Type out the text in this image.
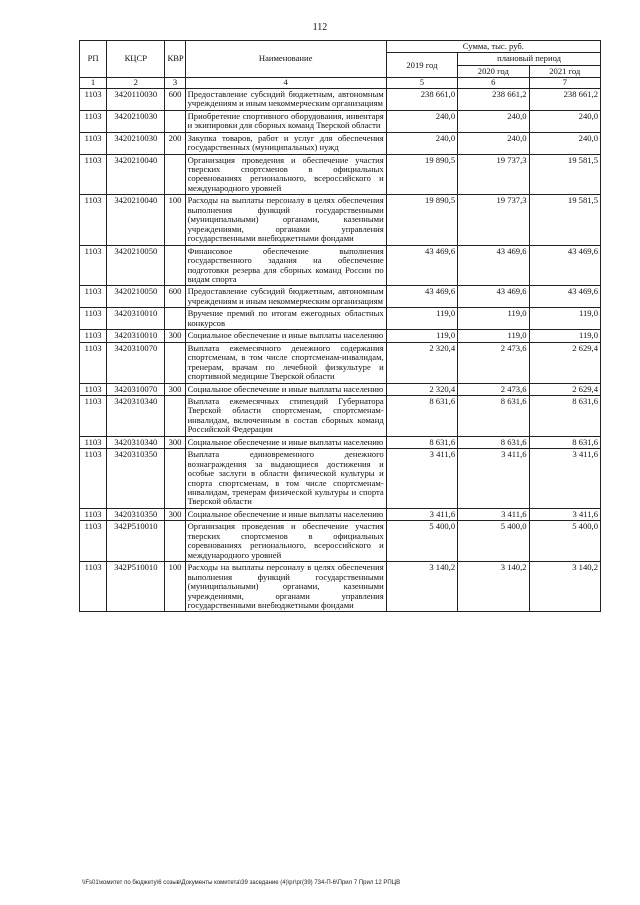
112
РП	КЦСР	КВР	Наименование	Сумма, тыс. руб.		
				2019 год	плановый период	
					2020 год	2021 год
1	2	3	4	5	6	7
1103	3420110030	600	Предоставление субсидий бюджетным, автономным учреждениям и иным некоммерческим организациям	238 661,0	238 661,2	238 661,2
1103	3420210030		Приобретение спортивного оборудования, инвентаря и экипировки для сборных команд Тверской области	240,0	240,0	240,0
1103	3420210030	200	Закупка товаров, работ и услуг для обеспечения государственных (муниципальных) нужд	240,0	240,0	240,0
1103	3420210040		Организация проведения и обеспечение участия тверских спортсменов в официальных соревнованиях регионального, всероссийского и международного уровней	19 890,5	19 737,3	19 581,5
1103	3420210040	100	Расходы на выплаты персоналу в целях обеспечения выполнения функций государственными (муниципальными) органами, казенными учреждениями, органами управления государственными внебюджетными фондами	19 890,5	19 737,3	19 581,5
1103	3420210050		Финансовое обеспечение выполнения государственного задания на обеспечение подготовки резерва для сборных команд России по видам спорта	43 469,6	43 469,6	43 469,6
1103	3420210050	600	Предоставление субсидий бюджетным, автономным учреждениям и иным некоммерческим организациям	43 469,6	43 469,6	43 469,6
1103	3420310010		Вручение премий по итогам ежегодных областных конкурсов	119,0	119,0	119,0
1103	3420310010	300	Социальное обеспечение и иные выплаты населению	119,0	119,0	119,0
1103	3420310070		Выплата ежемесячного денежного содержания спортсменам, в том числе спортсменам-инвалидам, тренерам, врачам по лечебной физкультуре и спортивной медицине Тверской области	2 320,4	2 473,6	2 629,4
1103	3420310070	300	Социальное обеспечение и иные выплаты населению	2 320,4	2 473,6	2 629,4
1103	3420310340		Выплата ежемесячных стипендий Губернатора Тверской области спортсменам, спортсменам-инвалидам, включенным в состав сборных команд Российской Федерации	8 631,6	8 631,6	8 631,6
1103	3420310340	300	Социальное обеспечение и иные выплаты населению	8 631,6	8 631,6	8 631,6
1103	3420310350		Выплата единовременного денежного вознаграждения за выдающиеся достижения и особые заслуги в области физической культуры и спорта спортсменам, в том числе спортсменам-инвалидам, тренерам физической культуры и спорта Тверской области	3 411,6	3 411,6	3 411,6
1103	3420310350	300	Социальное обеспечение и иные выплаты населению	3 411,6	3 411,6	3 411,6
1103	342P510010		Организация проведения и обеспечение участия тверских спортсменов в официальных соревнованиях регионального, всероссийского и международного уровней	5 400,0	5 400,0	5 400,0
1103	342P510010	100	Расходы на выплаты персоналу в целях обеспечения выполнения функций государственными (муниципальными) органами, казенными учреждениями, органами управления государственными внебюджетными фондами	3 140,2	3 140,2	3 140,2
\\Fs01\комитет по бюджету\6 созыв\Документы комитета\39 заседание (4)\рг\рг(39) 734-П-6\Прил 7 Прил 12 РПЦВ
